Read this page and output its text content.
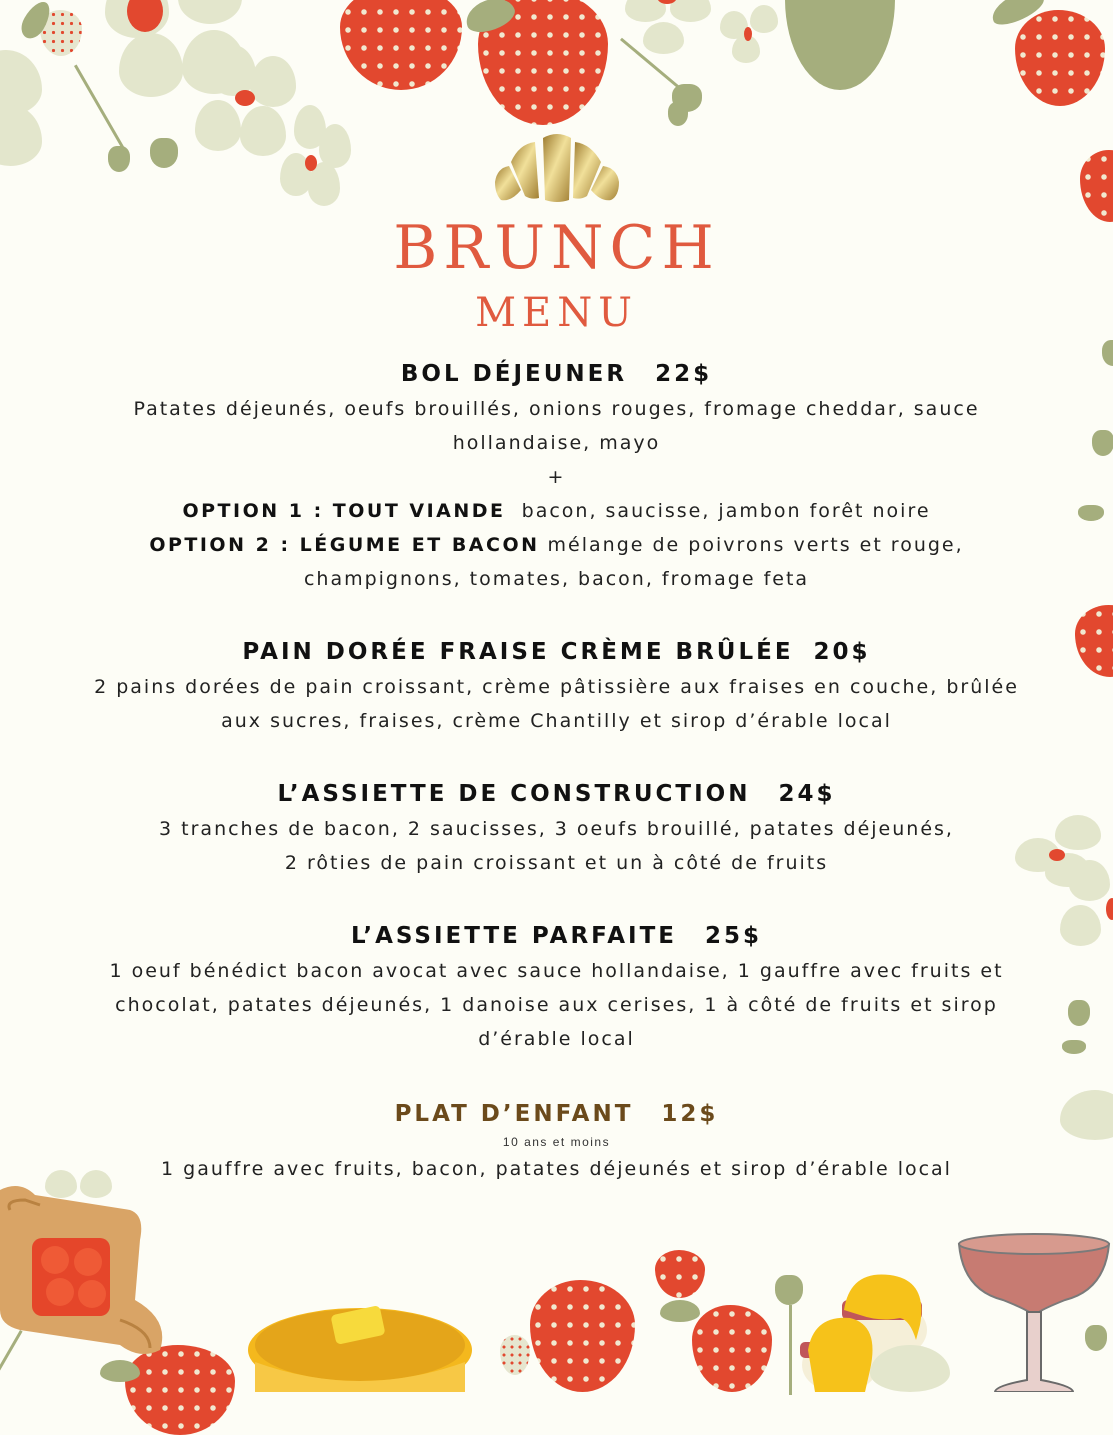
BRUNCH
MENU
BOL DÉJEUNER 22$
Patates déjeunés, oeufs brouillés, onions rouges, fromage cheddar, sauce hollandaise, mayo
+
OPTION 1 : TOUT VIANDE bacon, saucisse, jambon forêt noire
OPTION 2 : LÉGUME ET BACON mélange de poivrons verts et rouge, champignons, tomates, bacon, fromage feta
PAIN DORÉE FRAISE CRÈME BRÛLÉE 20$
2 pains dorées de pain croissant, crème pâtissière aux fraises en couche, brûlée aux sucres, fraises, crème Chantilly et sirop d’érable local
L’ASSIETTE DE CONSTRUCTION 24$
3 tranches de bacon, 2 saucisses, 3 oeufs brouillé, patates déjeunés,
2 rôties de pain croissant et un à côté de fruits
L’ASSIETTE PARFAITE 25$
1 oeuf bénédict bacon avocat avec sauce hollandaise, 1 gauffre avec fruits et chocolat, patates déjeunés, 1 danoise aux cerises, 1 à côté de fruits et sirop d’érable local
PLAT D’ENFANT 12$
10 ans et moins
1 gauffre avec fruits, bacon, patates déjeunés et sirop d’érable local
